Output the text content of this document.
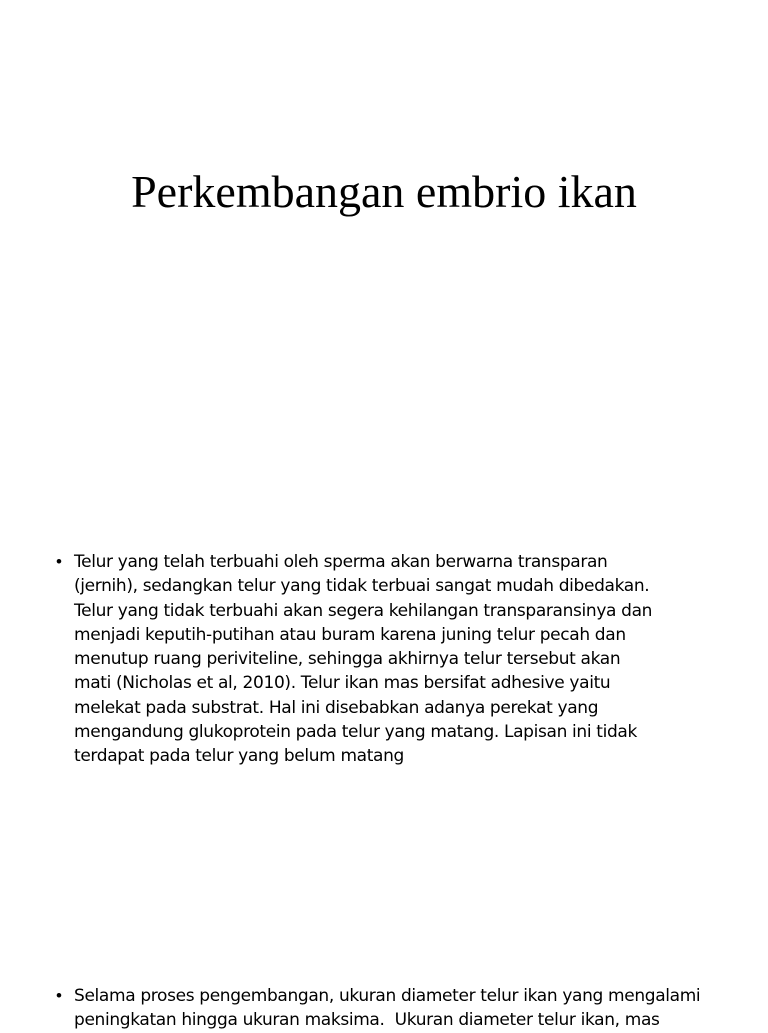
Perkembangan embrio ikan
• Telur yang telah terbuahi oleh sperma akan berwarna transparan
(jernih), sedangkan telur yang tidak terbuai sangat mudah dibedakan.
Telur yang tidak terbuahi akan segera kehilangan transparansinya dan
menjadi keputih-putihan atau buram karena juning telur pecah dan
menutup ruang periviteline, sehingga akhirnya telur tersebut akan
mati (Nicholas et al, 2010). Telur ikan mas bersifat adhesive yaitu
melekat pada substrat. Hal ini disebabkan adanya perekat yang
mengandung glukoprotein pada telur yang matang. Lapisan ini tidak
terdapat pada telur yang belum matang
• Selama proses pengembangan, ukuran diameter telur ikan yang mengalami
peningkatan hingga ukuran maksima.  Ukuran diameter telur ikan, mas
